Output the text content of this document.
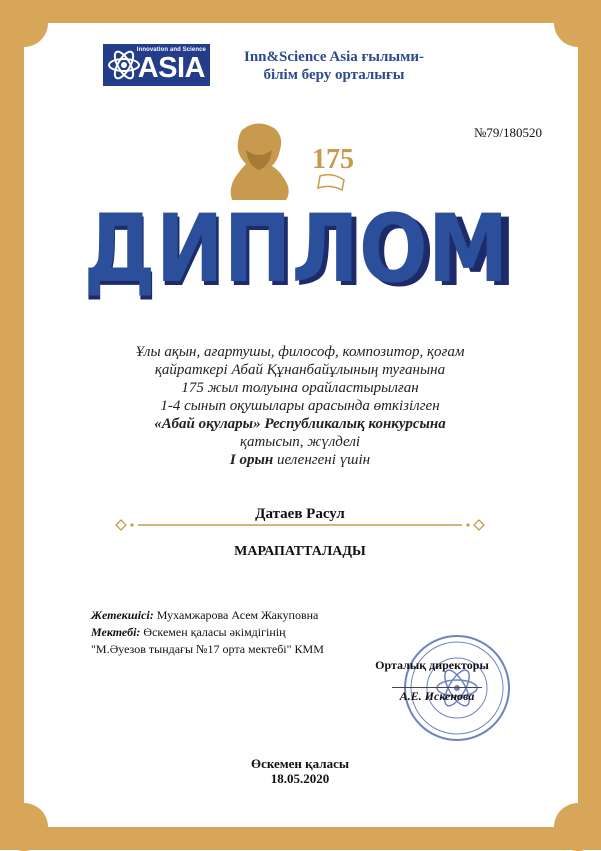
Innovation and Science
ASIA	Inn&Science Asia ғылыми-
білім беру орталығы
№79/180520
175
ДИПЛОМ
ДИПЛОМ
Ұлы ақын, ағартушы, философ, композитор, қоғам
қайраткері Абай Құнанбайұлының туғанына
175 жыл толуына орайластырылған
1-4 сынып оқушылары арасында өткізілген
«Абай оқулары» Республикалық конкурсына
қатысып, жүлделі
I орын иеленгені үшін
Датаев Расул
МАРАПАТТАЛАДЫ
Жетекшісі: Мухамжарова Асем Жакуповна
Мектебі: Өскемен қаласы әкімдігінің
"М.Әуезов тындағы №17 орта мектебі" КММ
Орталық директоры
А.Е. Искенова
Өскемен қаласы
18.05.2020
